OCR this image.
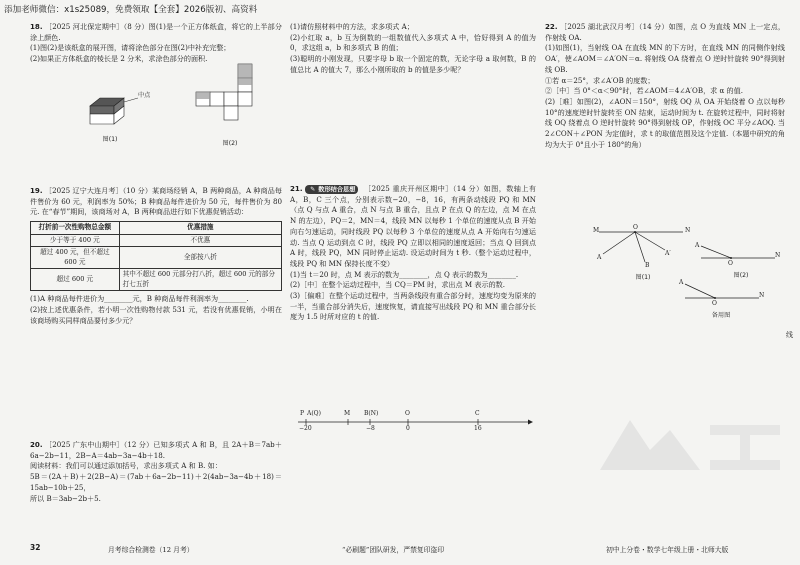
添加老师微信：x1s25089，免费领取【全套】2026版初、高资料

18. ［2025 河北保定期中］（8 分）图(1)是一个正方体纸盒，将它的上半部分涂上颜色.

(1)图(2)是该纸盒的展开图，请将涂色部分在图(2)中补充完整；

(2)如果正方体纸盒的棱长是 2 分米，求涂色部分的面积.

中点
图(1)
图(2)

19. ［2025 辽宁大连月考］（10 分）某商场经销 A，B 两种商品，A 种商品每件售价为 60 元，利润率为 50%；B 种商品每件进价为 50 元，每件售价为 80 元. 在“春节”期间，该商场对 A，B 两种商品进行如下优惠促销活动：

打折前一次性购物总金额	优惠措施
少于等于 400 元	不优惠
超过 400 元，但不超过 600 元	全部按八折
超过 600 元	其中不超过 600 元部分打八折，超过 600 元的部分打七五折

(1)A 种商品每件进价为________元，B 种商品每件利润率为________.

(2)按上述优惠条件，若小明一次性购物付款 531 元，若没有优惠促销，小明在该商场购买同样商品要付多少元？

20. ［2025 广东中山期中］（12 分）已知多项式 A 和 B，且 2A＋B＝7ab＋6a−2b−11，2B−A＝4ab−3a−4b＋18.

阅读材料：我们可以通过添加括号，求出多项式 A 和 B. 如：

5B＝(2A＋B)＋2(2B−A)＝(7ab＋6a−2b−11)＋2(4ab−3a−4b＋18)＝15ab−10b＋25，

所以 B＝3ab−2b＋5.

(1)请仿照材料中的方法，求多项式 A；

(2)小红取 a，b 互为倒数的一组数值代入多项式 A 中，恰好得到 A 的值为 0，求这组 a，b 和多项式 B 的值；

(3)聪明的小刚发现，只要字母 b 取一个固定的数，无论字母 a 取何数，B 的值总比 A 的值大 7，那么小刚所取的 b 的值是多少呢？

21. ✎ 数形结合思想 ［2025 重庆开州区期中］（14 分）如图，数轴上有 A，B，C 三个点，分别表示数−20，−8，16，有两条动线段 PQ 和 MN（点 Q 与点 A 重合，点 N 与点 B 重合，且点 P 在点 Q 的左边，点 M 在点 N 的左边），PQ＝2，MN＝4，线段 MN 以每秒 1 个单位的速度从点 B 开始向右匀速运动，同时线段 PQ 以每秒 3 个单位的速度从点 A 开始向右匀速运动. 当点 Q 运动到点 C 时，线段 PQ 立即以相同的速度返回；当点 Q 回到点 A 时，线段 PQ，MN 同时停止运动. 设运动时间为 t 秒.（整个运动过程中，线段 PQ 和 MN 保持长度不变）

(1)当 t＝20 时，点 M 表示的数为________，点 Q 表示的数为________.

(2)［中］在整个运动过程中，当 CQ＝PM 时，求出点 M 表示的数.

(3)［偏难］在整个运动过程中，当两条线段有重合部分时，速度均变为原来的一半，当重合部分消失后，速度恢复，请直接写出线段 PQ 和 MN 重合部分长度为 1.5 时所对应的 t 的值.

P A(Q)	M B(N)	O	C
−20	−8	0	16

22. ［2025 湖北武汉月考］（14 分）如图，点 O 为直线 MN 上一定点，作射线 OA.

(1)如图(1)，当射线 OA 在直线 MN 的下方时，在直线 MN 的同侧作射线 OA′，使∠AOM＝∠A′ON＝α. 将射线 OA 绕着点 O 逆时针旋转 90°得到射线 OB.

①若 α＝25°，求∠A′OB 的度数；

②［中］当 0°＜α＜90°时，若∠AOM＝4∠A′OB，求 α 的值.

(2)［难］如图(2)，∠AON＝150°，射线 OQ 从 OA 开始绕着 O 点以每秒 10°的速度逆时针旋转至 ON 结束，运动时间为 t. 在旋转过程中，同时将射线 OQ 绕着点 O 逆时针旋转 90°得到射线 OP，作射线 OC 平分∠AOQ. 当 2∠CON＋∠PON 为定值时，求 t 的取值范围及这个定值.（本题中研究的角均为大于 0°且小于 180°的角）

M	O	N
B
A
A′
图(1)
A
O
N
图(2)
A
O
N
备用图
线
32	月考综合检测卷（12 月考）	“必刷题”团队研发，严禁复印盗印	初中上分卷・数学七年级上册・北师大版
